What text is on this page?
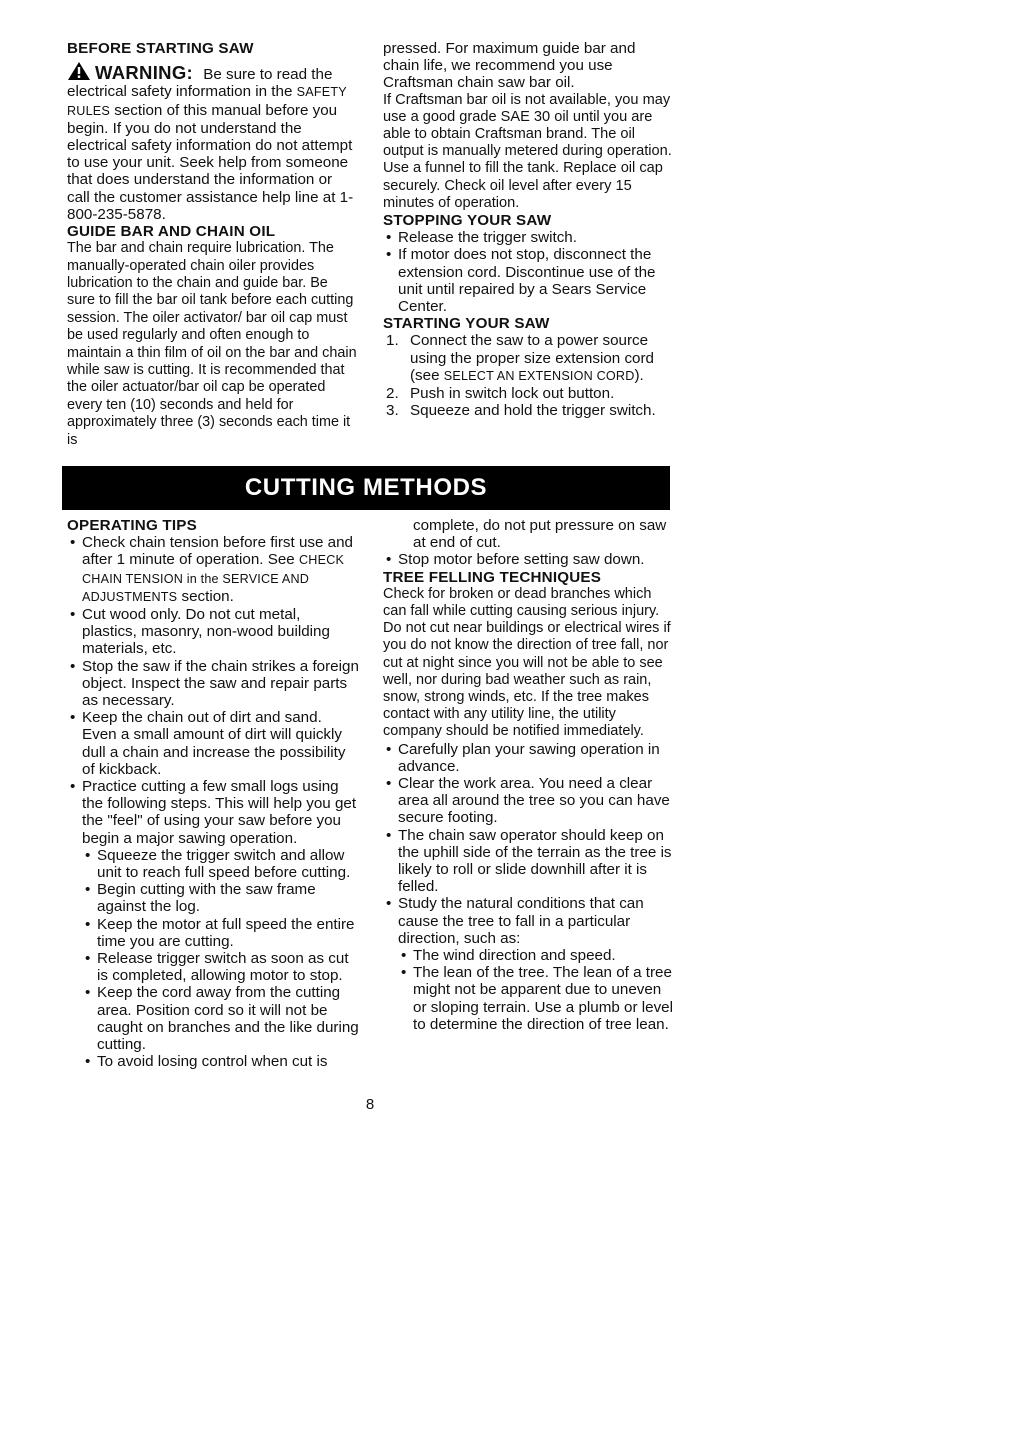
BEFORE STARTING SAW

WARNING: Be sure to read the electrical safety information in the SAFETY RULES section of this manual before you begin. If you do not understand the electrical safety information do not attempt to use your unit. Seek help from someone that does understand the information or call the customer assistance help line at 1-800-235-5878.

GUIDE BAR AND CHAIN OIL

The bar and chain require lubrication. The manually-operated chain oiler provides lubrication to the chain and guide bar. Be sure to fill the bar oil tank before each cutting session. The oiler activator/ bar oil cap must be used regularly and often enough to maintain a thin film of oil on the bar and chain while saw is cutting. It is recommended that the oiler actuator/bar oil cap be operated every ten (10) seconds and held for approximately three (3) seconds each time it is

pressed. For maximum guide bar and chain life, we recommend you use Craftsman chain saw bar oil.

If Craftsman bar oil is not available, you may use a good grade SAE 30 oil until you are able to obtain Craftsman brand. The oil output is manually metered during operation. Use a funnel to fill the tank. Replace oil cap securely. Check oil level after every 15 minutes of operation.

STOPPING YOUR SAW

• Release the trigger switch.
• If motor does not stop, disconnect the extension cord. Discontinue use of the unit until repaired by a Sears Service Center.

STARTING YOUR SAW

1. Connect the saw to a power source using the proper size extension cord (see SELECT AN EXTENSION CORD).
2. Push in switch lock out button.
3. Squeeze and hold the trigger switch.
CUTTING METHODS

OPERATING TIPS

• Check chain tension before first use and after 1 minute of operation. See CHECK CHAIN TENSION in the SERVICE AND ADJUSTMENTS section.
• Cut wood only. Do not cut metal, plastics, masonry, non-wood building materials, etc.
• Stop the saw if the chain strikes a foreign object. Inspect the saw and repair parts as necessary.
• Keep the chain out of dirt and sand. Even a small amount of dirt will quickly dull a chain and increase the possibility of kickback.
• Practice cutting a few small logs using the following steps. This will help you get the "feel" of using your saw before you begin a major sawing operation.
• Squeeze the trigger switch and allow unit to reach full speed before cutting.
• Begin cutting with the saw frame against the log.
• Keep the motor at full speed the entire time you are cutting.
• Release trigger switch as soon as cut is completed, allowing motor to stop.
• Keep the cord away from the cutting area. Position cord so it will not be caught on branches and the like during cutting.
• To avoid losing control when cut is

complete, do not put pressure on saw at end of cut.

• Stop motor before setting saw down.

TREE FELLING TECHNIQUES

Check for broken or dead branches which can fall while cutting causing serious injury. Do not cut near buildings or electrical wires if you do not know the direction of tree fall, nor cut at night since you will not be able to see well, nor during bad weather such as rain, snow, strong winds, etc. If the tree makes contact with any utility line, the utility company should be notified immediately.

• Carefully plan your sawing operation in advance.
• Clear the work area. You need a clear area all around the tree so you can have secure footing.
• The chain saw operator should keep on the uphill side of the terrain as the tree is likely to roll or slide downhill after it is felled.
• Study the natural conditions that can cause the tree to fall in a particular direction, such as:
• The wind direction and speed.
• The lean of the tree. The lean of a tree might not be apparent due to uneven or sloping terrain. Use a plumb or level to determine the direction of tree lean.
8
